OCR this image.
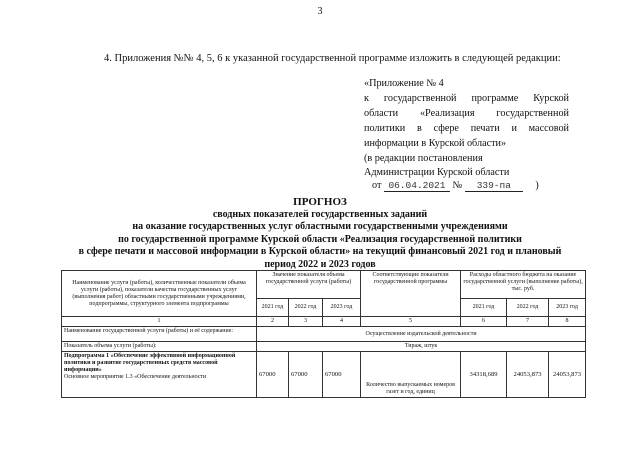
3
4. Приложения №№ 4, 5, 6 к указанной государственной программе изложить в следующей редакции:
«Приложение № 4
к государственной программе Курской
области «Реализация государственной
политики в сфере печати и массовой
информации в Курской области»
(в редакции постановления
Администрации Курской области
от 06.04.2021 № 339-па )
ПРОГНОЗ
сводных показателей государственных заданий
на оказание государственных услуг областными государственными учреждениями
по государственной программе Курской области «Реализация государственной политики
в сфере печати и массовой информации в Курской области» на текущий финансовый 2021 год и плановый
период 2022 и 2023 годов
Наименование услуги (работы), количественные показатели объема услуги (работы), показатели качества государственных услуг (выполнения работ) областными государственными учреждениями, подпрограммы, структурного элемента подпрограммы	Значение показателя объема государственной услуги (работы)			Соответствующие показатели государственной программы	Расходы областного бюджета на оказание государственной услуги (выполнение работы), тыс. руб.		
	2021 год	2022 год	2023 год		2021 год	2022 год	2023 год
1	2	3	4	5	6	7	8
Наименование государственной услуги (работы) и её содержание:	Осуществление издательской деятельности						
Показатель объема услуги (работы):	Тираж, штук						

Подпрограмма 1 «Обеспечение эффективной информационной политики и развитие государственных средств массовой информации»
Основное мероприятие 1.3 «Обеспечение деятельности	67000	67000	67000	Количество выпускаемых номеров газет и год, единиц	34318,689	24053,873	24053,873
